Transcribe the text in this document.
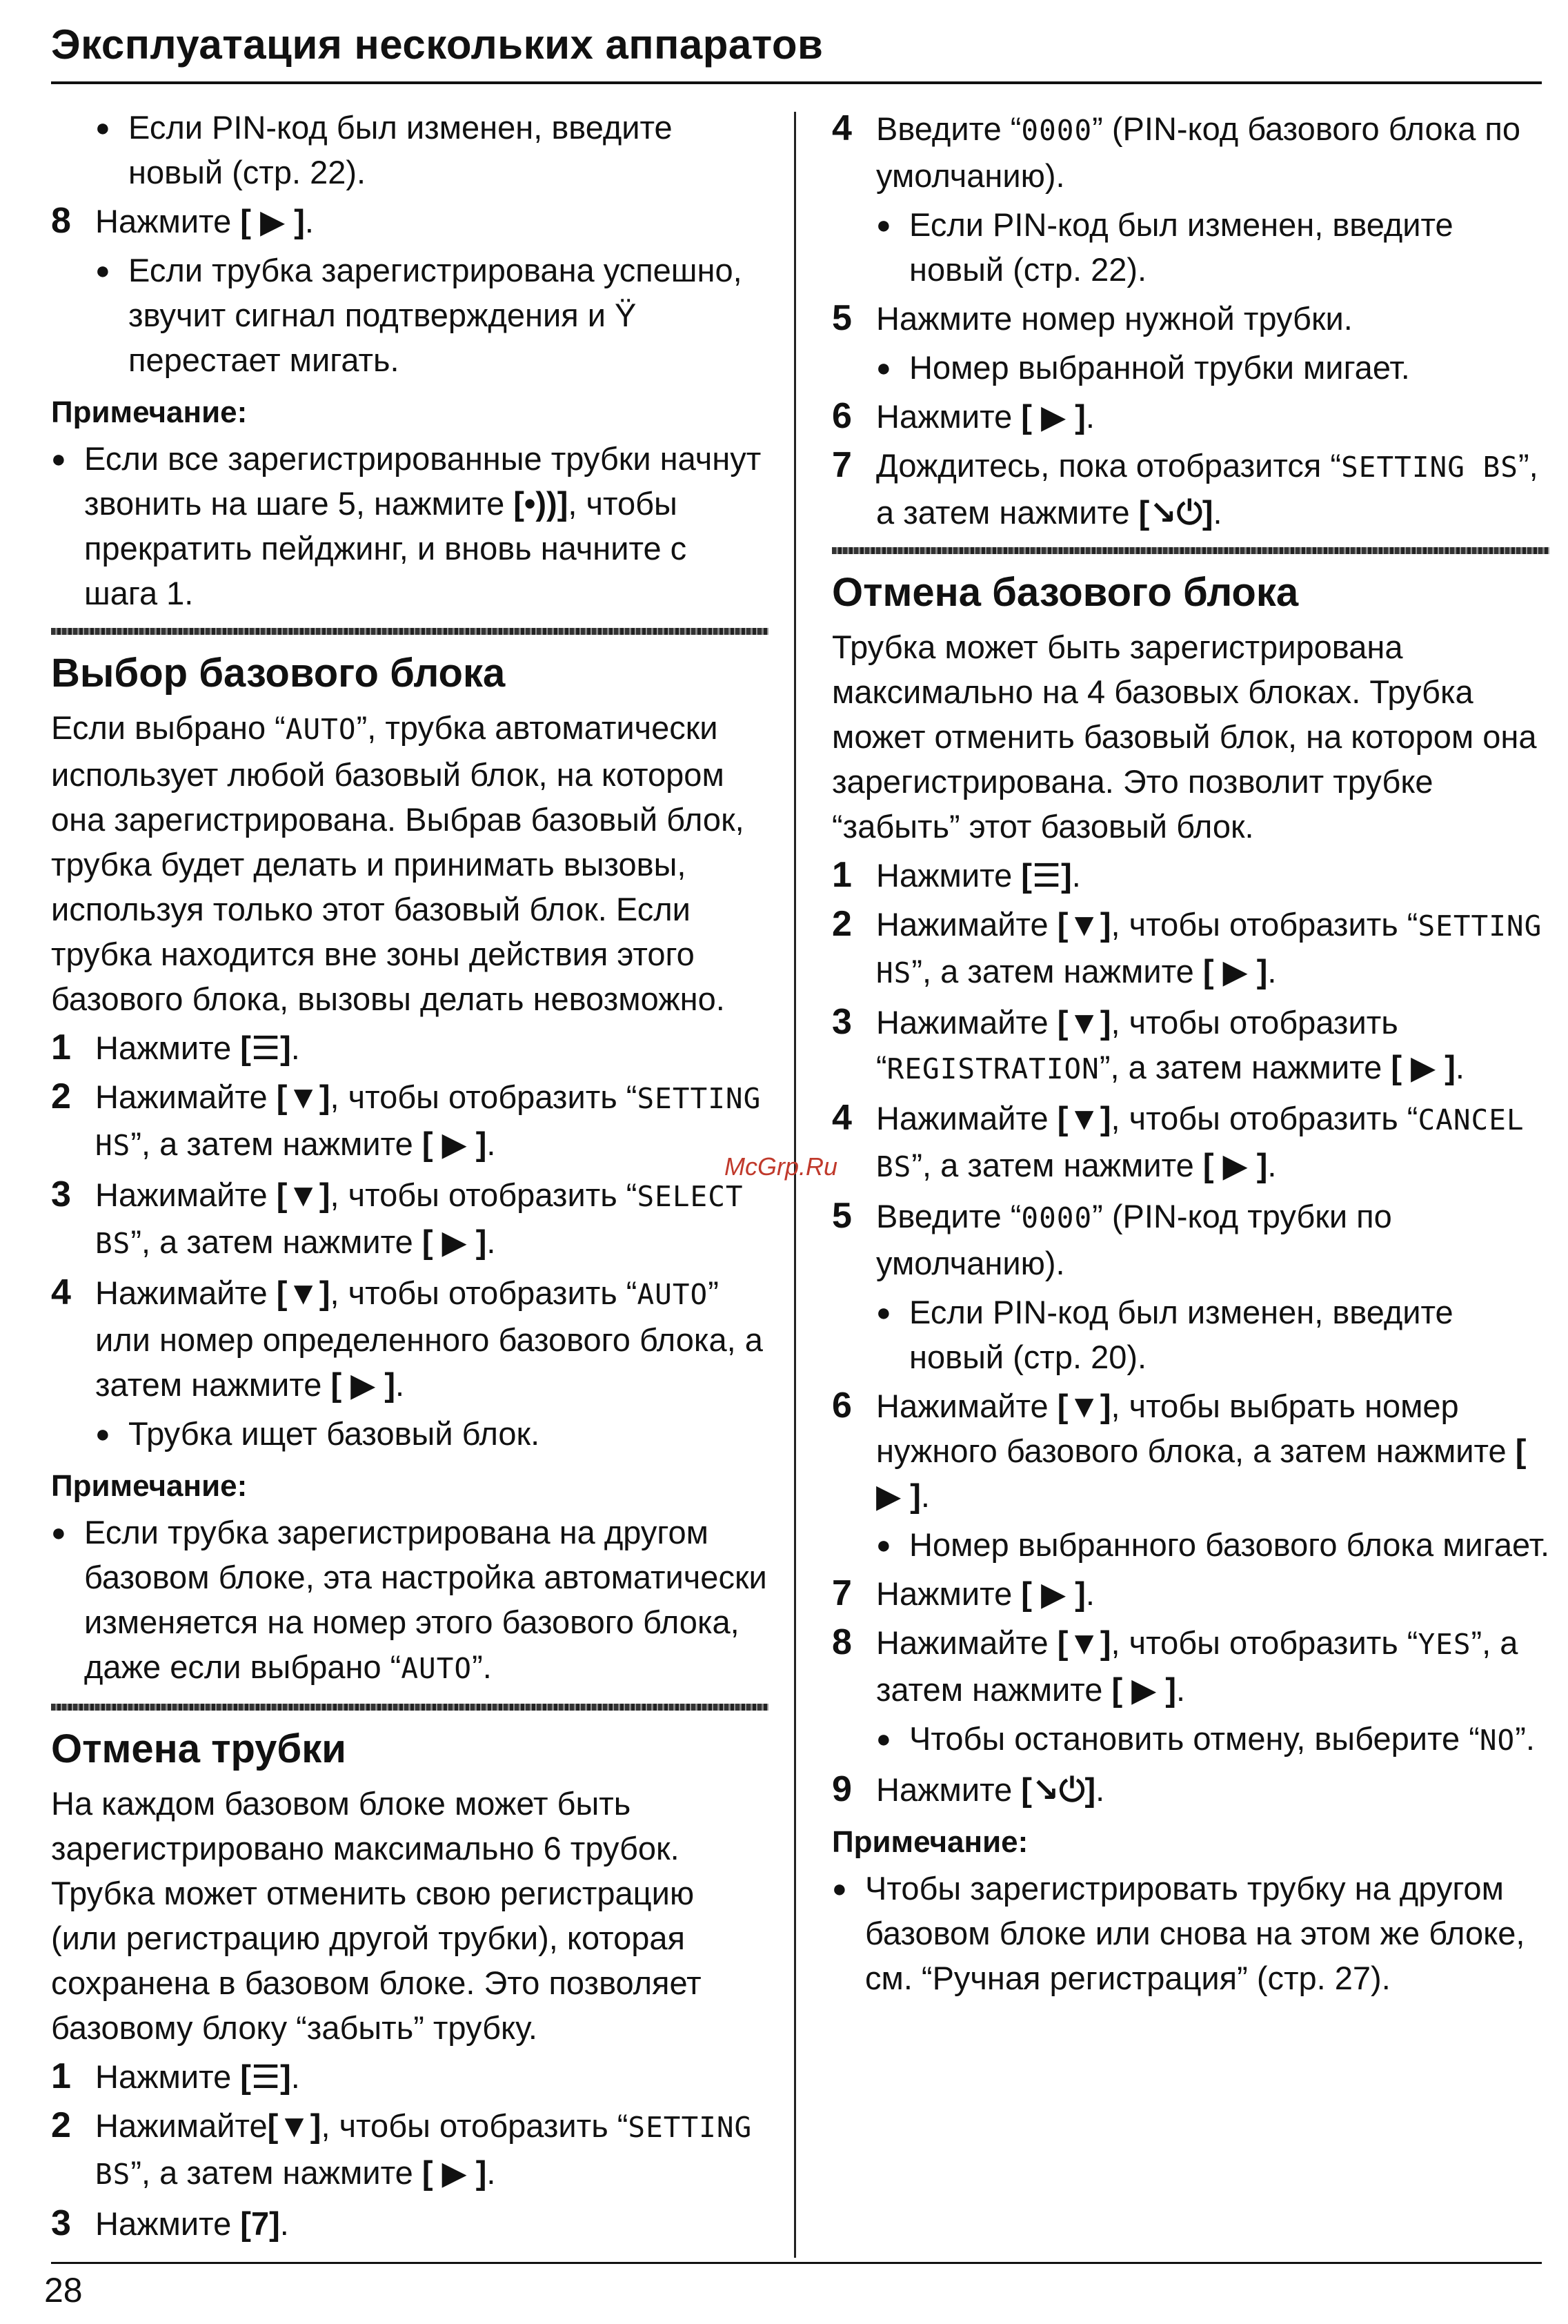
Эксплуатация нескольких аппаратов
McGrp.Ru
● Если PIN-код был изменен, введите новый (стр. 22).
8 Нажмите [ ▶ ].
● Если трубка зарегистрирована успешно, звучит сигнал подтверждения и Ÿ перестает мигать.
Примечание:
● Если все зарегистрированные трубки начнут звонить на шаге 5, нажмите [•))], чтобы прекратить пейджинг, и вновь начните с шага 1.
Выбор базового блока
Если выбрано “AUTO”, трубка автоматически использует любой базовый блок, на котором она зарегистрирована. Выбрав базовый блок, трубка будет делать и принимать вызовы, используя только этот базовый блок. Если трубка находится вне зоны действия этого базового блока, вызовы делать невозможно.
1 Нажмите [☰].
2 Нажимайте [▼], чтобы отобразить “SETTING HS”, а затем нажмите [ ▶ ].
3 Нажимайте [▼], чтобы отобразить “SELECT BS”, а затем нажмите [ ▶ ].
4 Нажимайте [▼], чтобы отобразить “AUTO” или номер определенного базового блока, а затем нажмите [ ▶ ].
● Трубка ищет базовый блок.
Примечание:
● Если трубка зарегистрирована на другом базовом блоке, эта настройка автоматически изменяется на номер этого базового блока, даже если выбрано “AUTO”.
Отмена трубки
На каждом базовом блоке может быть зарегистрировано максимально 6 трубок. Трубка может отменить свою регистрацию (или регистрацию другой трубки), которая сохранена в базовом блоке. Это позволяет базовому блоку “забыть” трубку.
1 Нажмите [☰].
2 Нажимайте[▼], чтобы отобразить “SETTING BS”, а затем нажмите [ ▶ ].
3 Нажмите [7].
4 Введите “0000” (PIN-код базового блока по умолчанию).
● Если PIN-код был изменен, введите новый (стр. 22).
5 Нажмите номер нужной трубки.
● Номер выбранной трубки мигает.
6 Нажмите [ ▶ ].
7 Дождитесь, пока отобразится “SETTING BS”, а затем нажмите [↘⏻].
Отмена базового блока
Трубка может быть зарегистрирована максимально на 4 базовых блоках. Трубка может отменить базовый блок, на котором она зарегистрирована. Это позволит трубке “забыть” этот базовый блок.
1 Нажмите [☰].
2 Нажимайте [▼], чтобы отобразить “SETTING HS”, а затем нажмите [ ▶ ].
3 Нажимайте [▼], чтобы отобразить “REGISTRATION”, а затем нажмите [ ▶ ].
4 Нажимайте [▼], чтобы отобразить “CANCEL BS”, а затем нажмите [ ▶ ].
5 Введите “0000” (PIN-код трубки по умолчанию).
● Если PIN-код был изменен, введите новый (стр. 20).
6 Нажимайте [▼], чтобы выбрать номер нужного базового блока, а затем нажмите [ ▶ ].
● Номер выбранного базового блока мигает.
7 Нажмите [ ▶ ].
8 Нажимайте [▼], чтобы отобразить “YES”, а затем нажмите [ ▶ ].
● Чтобы остановить отмену, выберите “NO”.
9 Нажмите [↘⏻].
Примечание:
● Чтобы зарегистрировать трубку на другом базовом блоке или снова на этом же блоке, см. “Ручная регистрация” (стр. 27).
28
